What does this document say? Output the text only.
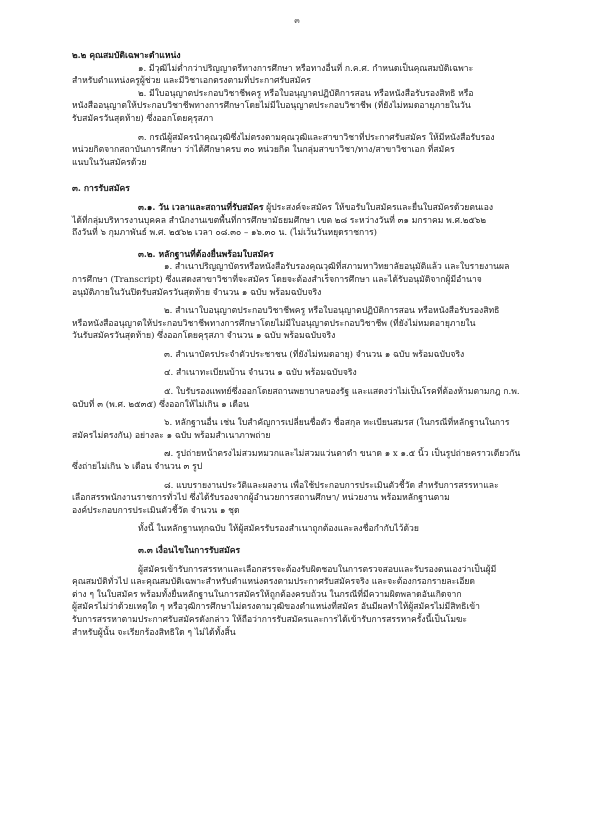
๓
๒.๒ คุณสมบัติเฉพาะตำแหน่ง
๑. มีวุฒิไม่ต่ำกว่าปริญญาตรีทางการศึกษา หรือทางอื่นที่ ก.ค.ศ. กำหนดเป็นคุณสมบัติเฉพาะ
สำหรับตำแหน่งครูผู้ช่วย และมีวิชาเอกตรงตามที่ประกาศรับสมัคร
๒. มีใบอนุญาตประกอบวิชาชีพครู หรือใบอนุญาตปฏิบัติการสอน หรือหนังสือรับรองสิทธิ หรือ
หนังสืออนุญาตให้ประกอบวิชาชีพทางการศึกษาโดยไม่มีใบอนุญาตประกอบวิชาชีพ (ที่ยังไม่หมดอายุภายในวัน
รับสมัครวันสุดท้าย) ซึ่งออกโดยคุรุสภา
๓. กรณีผู้สมัครนำคุณวุฒิซึ่งไม่ตรงตามคุณวุฒิและสาขาวิชาที่ประกาศรับสมัคร ให้มีหนังสือรับรอง
หน่วยกิตจากสถาบันการศึกษา ว่าได้ศึกษาครบ ๓๐ หน่วยกิต ในกลุ่มสาขาวิชา/ทาง/สาขาวิชาเอก ที่สมัคร
แนบในวันสมัครด้วย
๓. การรับสมัคร
๓.๑. วัน เวลาและสถานที่รับสมัคร ผู้ประสงค์จะสมัคร ให้ขอรับใบสมัครและยื่นใบสมัครด้วยตนเอง
ได้ที่กลุ่มบริหารงานบุคคล สำนักงานเขตพื้นที่การศึกษามัธยมศึกษา เขต ๒๘ ระหว่างวันที่ ๓๑ มกราคม พ.ศ.๒๕๖๒
ถึงวันที่ ๖ กุมภาพันธ์ พ.ศ. ๒๕๖๒ เวลา ๐๘.๓๐ – ๑๖.๓๐ น. (ไม่เว้นวันหยุดราชการ)
๓.๒. หลักฐานที่ต้องยื่นพร้อมใบสมัคร
๑. สำเนาปริญญาบัตรหรือหนังสือรับรองคุณวุฒิที่สภามหาวิทยาลัยอนุมัติแล้ว และใบรายงานผล
การศึกษา (Transcript) ซึ่งแสดงสาขาวิชาที่จะสมัคร โดยจะต้องสำเร็จการศึกษา และได้รับอนุมัติจากผู้มีอำนาจ
อนุมัติภายในวันปิดรับสมัครวันสุดท้าย จำนวน ๑ ฉบับ พร้อมฉบับจริง
๒. สำเนาใบอนุญาตประกอบวิชาชีพครู หรือใบอนุญาตปฏิบัติการสอน หรือหนังสือรับรองสิทธิ
หรือหนังสืออนุญาตให้ประกอบวิชาชีพทางการศึกษาโดยไม่มีใบอนุญาตประกอบวิชาชีพ (ที่ยังไม่หมดอายุภายใน
วันรับสมัครวันสุดท้าย) ซึ่งออกโดยคุรุสภา จำนวน ๑ ฉบับ พร้อมฉบับจริง
๓. สำเนาบัตรประจำตัวประชาชน (ที่ยังไม่หมดอายุ) จำนวน ๑ ฉบับ พร้อมฉบับจริง
๔. สำเนาทะเบียนบ้าน จำนวน ๑ ฉบับ พร้อมฉบับจริง
๕. ใบรับรองแพทย์ซึ่งออกโดยสถานพยาบาลของรัฐ และแสดงว่าไม่เป็นโรคที่ต้องห้ามตามกฎ ก.พ.
ฉบับที่ ๓ (พ.ศ. ๒๕๓๕) ซึ่งออกให้ไม่เกิน ๑ เดือน
๖. หลักฐานอื่น เช่น ใบสำคัญการเปลี่ยนชื่อตัว ชื่อสกุล ทะเบียนสมรส (ในกรณีที่หลักฐานในการ
สมัครไม่ตรงกัน) อย่างละ ๑ ฉบับ พร้อมสำเนาภาพถ่าย
๗. รูปถ่ายหน้าตรงไม่สวมหมวกและไม่สวมแว่นตาดำ ขนาด ๑ x ๑.๕ นิ้ว เป็นรูปถ่ายคราวเดียวกัน
ซึ่งถ่ายไม่เกิน ๖ เดือน จำนวน ๓ รูป
๘. แบบรายงานประวัติและผลงาน เพื่อใช้ประกอบการประเมินตัวชี้วัด สำหรับการสรรหาและ
เลือกสรรพนักงานราชการทั่วไป ซึ่งได้รับรองจากผู้อำนวยการสถานศึกษา/ หน่วยงาน พร้อมหลักฐานตาม
องค์ประกอบการประเมินตัวชี้วัด จำนวน ๑ ชุด
ทั้งนี้ ในหลักฐานทุกฉบับ ให้ผู้สมัครรับรองสำเนาถูกต้องและลงชื่อกำกับไว้ด้วย
๓.๓ เงื่อนไขในการรับสมัคร
ผู้สมัครเข้ารับการสรรหาและเลือกสรรจะต้องรับผิดชอบในการตรวจสอบและรับรองตนเองว่าเป็นผู้มี
คุณสมบัติทั่วไป และคุณสมบัติเฉพาะสำหรับตำแหน่งตรงตามประกาศรับสมัครจริง และจะต้องกรอกรายละเอียด
ต่าง ๆ ในใบสมัคร พร้อมทั้งยื่นหลักฐานในการสมัครให้ถูกต้องครบถ้วน ในกรณีที่มีความผิดพลาดอันเกิดจาก
ผู้สมัครไม่ว่าด้วยเหตุใด ๆ หรือวุฒิการศึกษาไม่ตรงตามวุฒิของตำแหน่งที่สมัคร อันมีผลทำให้ผู้สมัครไม่มีสิทธิเข้า
รับการสรรหาตามประกาศรับสมัครดังกล่าว ให้ถือว่าการรับสมัครและการได้เข้ารับการสรรหาครั้งนี้เป็นโมฆะ
สำหรับผู้นั้น จะเรียกร้องสิทธิใด ๆ ไม่ได้ทั้งสิ้น
